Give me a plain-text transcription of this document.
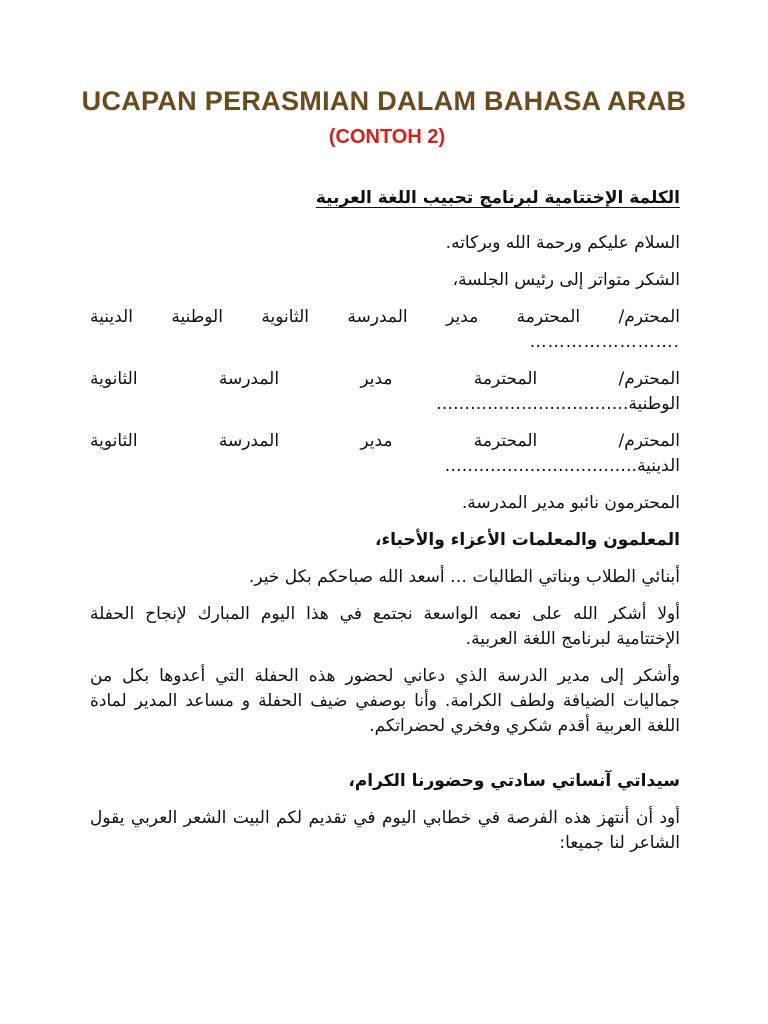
UCAPAN PERASMIAN DALAM BAHASA ARAB
(CONTOH 2)
الكلمة الإختتامية لبرنامج تحبيب اللغة العربية
السلام عليكم ورحمة الله وبركاته.
الشكر متواتر إلى رئيس الجلسة،
المحترم/ المحترمة مدير المدرسة الثانوية الوطنية الدينية
…………………….
المحترم/ المحترمة مدير المدرسة الثانوية
الوطنية…………………………….
المحترم/ المحترمة مدير المدرسة الثانوية
الدينية…………………………….
المحترمون نائبو مدير المدرسة.
المعلمون والمعلمات الأعزاء والأحباء،
أبنائي الطلاب وبناتي الطالبات … أسعد الله صباحكم بكل خير.
أولا أشكر الله على نعمه الواسعة نجتمع في هذا اليوم المبارك لإنجاح الحفلة الإختتامية لبرنامج اللغة العربية.
وأشكر إلى مدير الدرسة الذي دعاني لحضور هذه الحفلة التي أعدوها بكل من جماليات الضيافة ولطف الكرامة. وأنا بوصفي ضيف الحفلة و مساعد المدير لمادة اللغة العربية أقدم شكري وفخري لحضراتكم.
سيداتي آنساتي سادتي وحضورنا الكرام،
أود أن أنتهز هذه الفرصة في خطابي اليوم في تقديم لكم البيت الشعر العربي يقول الشاعر لنا جميعا:
